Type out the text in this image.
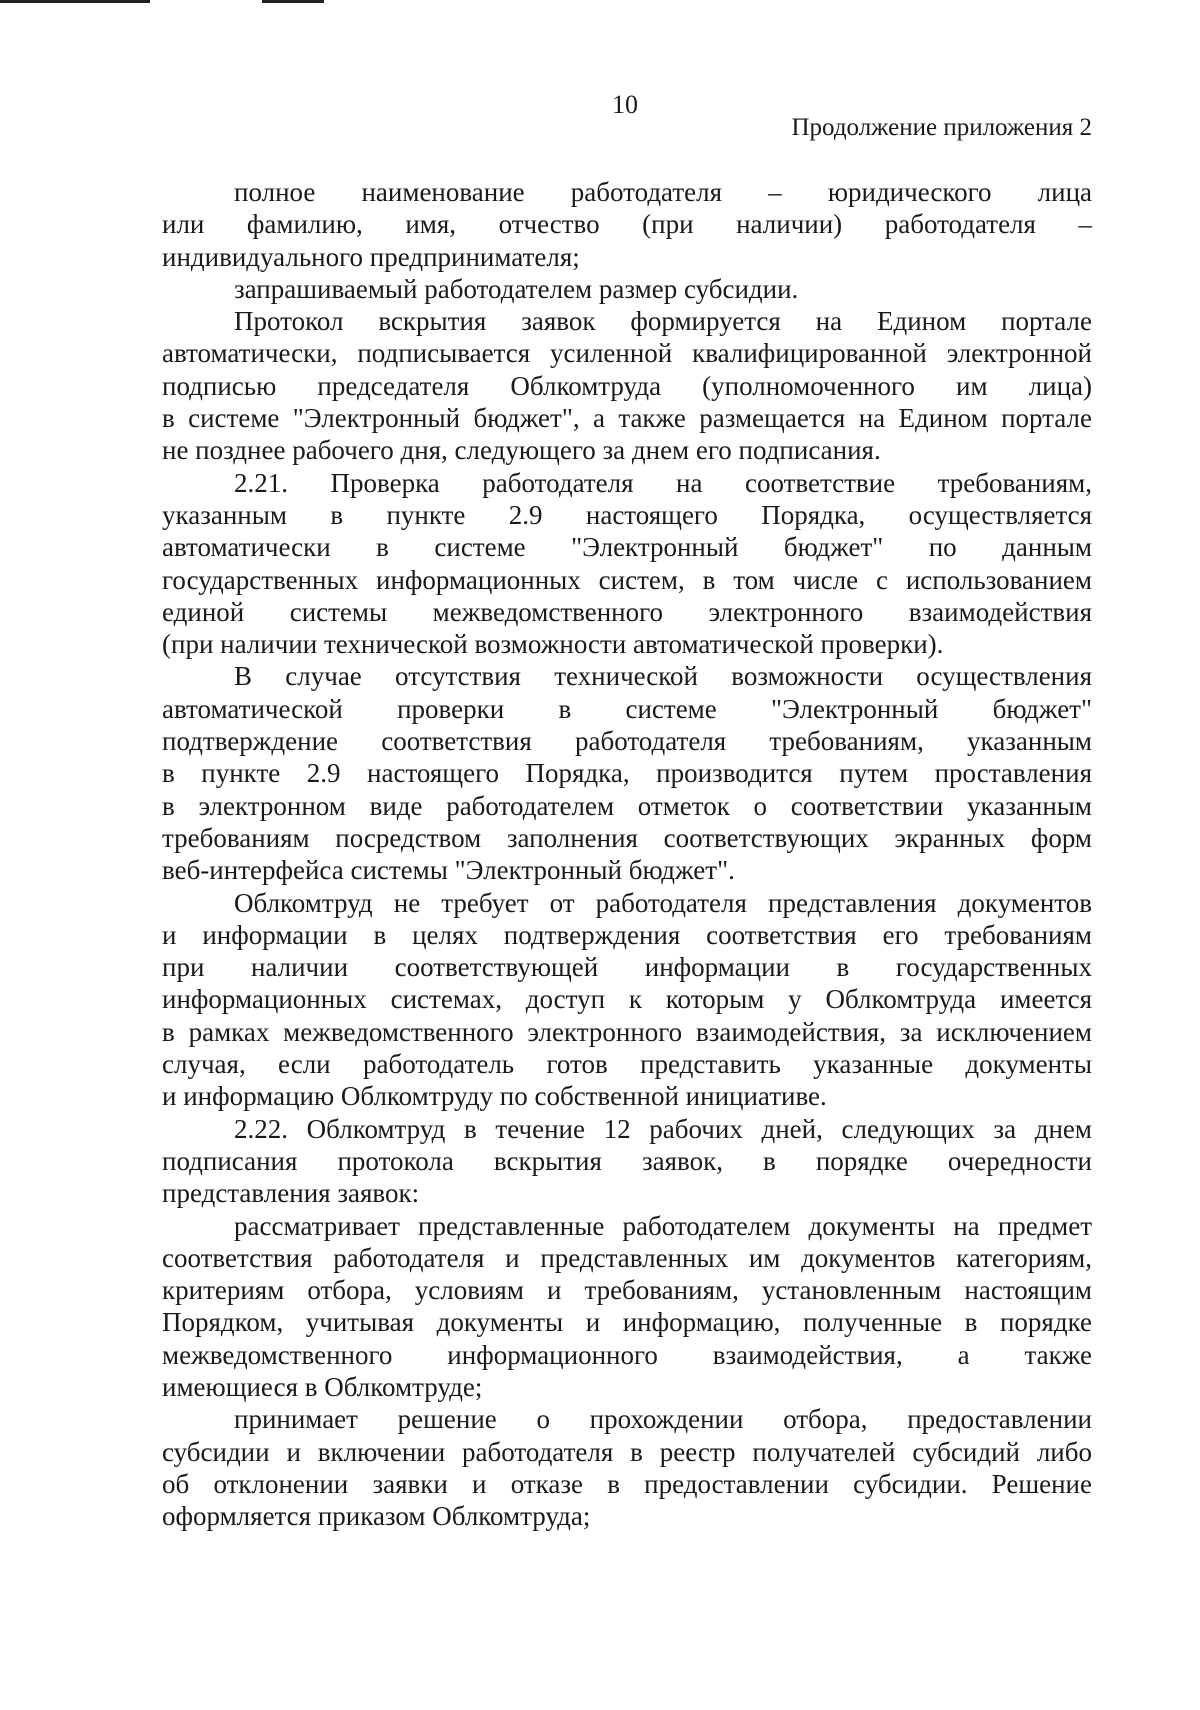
10
Продолжение приложения 2

полное наименование работодателя – юридического лица
или фамилию, имя, отчество (при наличии) работодателя –
индивидуального предпринимателя;

запрашиваемый работодателем размер субсидии.

Протокол вскрытия заявок формируется на Едином портале
автоматически, подписывается усиленной квалифицированной электронной
подписью председателя Облкомтруда (уполномоченного им лица)
в системе "Электронный бюджет", а также размещается на Едином портале
не позднее рабочего дня, следующего за днем его подписания.

2.21. Проверка работодателя на соответствие требованиям,
указанным в пункте 2.9 настоящего Порядка, осуществляется
автоматически в системе "Электронный бюджет" по данным
государственных информационных систем, в том числе с использованием
единой системы межведомственного электронного взаимодействия
(при наличии технической возможности автоматической проверки).

В случае отсутствия технической возможности осуществления
автоматической проверки в системе "Электронный бюджет"
подтверждение соответствия работодателя требованиям, указанным
в пункте 2.9 настоящего Порядка, производится путем проставления
в электронном виде работодателем отметок о соответствии указанным
требованиям посредством заполнения соответствующих экранных форм
веб-интерфейса системы "Электронный бюджет".

Облкомтруд не требует от работодателя представления документов
и информации в целях подтверждения соответствия его требованиям
при наличии соответствующей информации в государственных
информационных системах, доступ к которым у Облкомтруда имеется
в рамках межведомственного электронного взаимодействия, за исключением
случая, если работодатель готов представить указанные документы
и информацию Облкомтруду по собственной инициативе.

2.22. Облкомтруд в течение 12 рабочих дней, следующих за днем
подписания протокола вскрытия заявок, в порядке очередности
представления заявок:

рассматривает представленные работодателем документы на предмет
соответствия работодателя и представленных им документов категориям,
критериям отбора, условиям и требованиям, установленным настоящим
Порядком, учитывая документы и информацию, полученные в порядке
межведомственного информационного взаимодействия, а также
имеющиеся в Облкомтруде;

принимает решение о прохождении отбора, предоставлении
субсидии и включении работодателя в реестр получателей субсидий либо
об отклонении заявки и отказе в предоставлении субсидии. Решение
оформляется приказом Облкомтруда;
